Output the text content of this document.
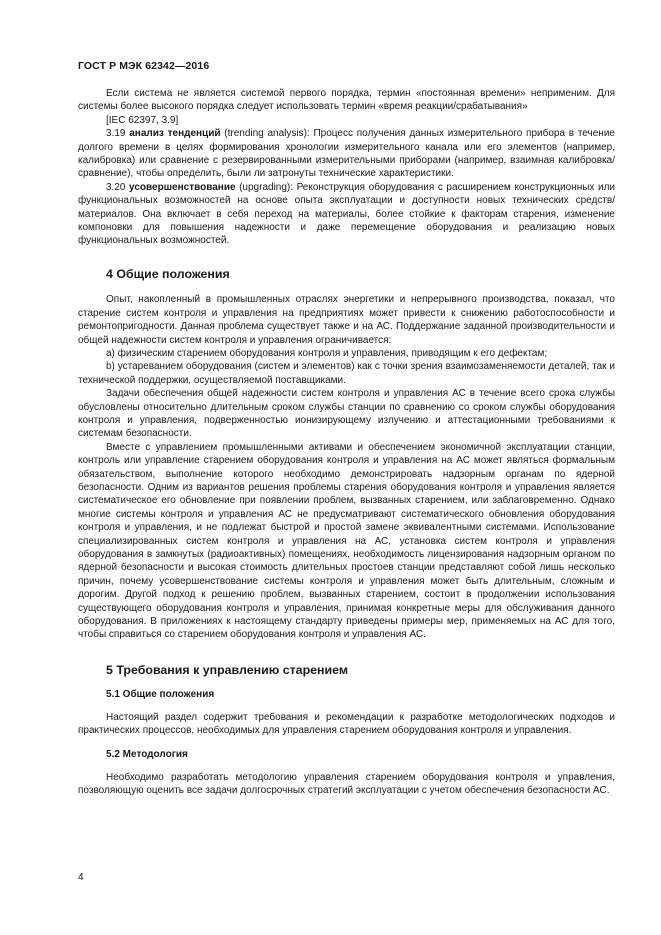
ГОСТ Р МЭК 62342—2016

Если система не является системой первого порядка, термин «постоянная времени» неприменим. Для системы более высокого порядка следует использовать термин «время реакции/срабатывания»

[IEC 62397, 3.9]

3.19 анализ тенденций (trending analysis): Процесс получения данных измерительного прибора в течение долгого времени в целях формирования хронологии измерительного канала или его элементов (например, калибровка) или сравнение с резервированными измерительными приборами (например, взаимная калибровка/сравнение), чтобы определить, были ли затронуты технические характеристики.

3.20 усовершенствование (upgrading): Реконструкция оборудования с расширением конструкционных или функциональных возможностей на основе опыта эксплуатации и доступности новых технических средств/материалов. Она включает в себя переход на материалы, более стойкие к факторам старения, изменение компоновки для повышения надежности и даже перемещение оборудования и реализацию новых функциональных возможностей.

4 Общие положения

Опыт, накопленный в промышленных отраслях энергетики и непрерывного производства, показал, что старение систем контроля и управления на предприятиях может привести к снижению работоспособности и ремонтопригодности. Данная проблема существует также и на АС. Поддержание заданной производительности и общей надежности систем контроля и управления ограничивается:

a) физическим старением оборудования контроля и управления, приводящим к его дефектам;

b) устареванием оборудования (систем и элементов) как с точки зрения взаимозаменяемости деталей, так и технической поддержки, осуществляемой поставщиками.

Задачи обеспечения общей надежности систем контроля и управления АС в течение всего срока службы обусловлены относительно длительным сроком службы станции по сравнению со сроком службы оборудования контроля и управления, подверженностью ионизирующему излучению и аттестационными требованиями к системам безопасности.

Вместе с управлением промышленными активами и обеспечением экономичной эксплуатации станции, контроль или управление старением оборудования контроля и управления на АС может являться формальным обязательством, выполнение которого необходимо демонстрировать надзорным органам по ядерной безопасности. Одним из вариантов решения проблемы старения оборудования контроля и управления является систематическое его обновление при появлении проблем, вызванных старением, или заблаговременно. Однако многие системы контроля и управления АС не предусматривают систематического обновления оборудования контроля и управления, и не подлежат быстрой и простой замене эквивалентными системами. Использование специализированных систем контроля и управления на АС, установка систем контроля и управления оборудования в замкнутых (радиоактивных) помещениях, необходимость лицензирования надзорным органом по ядерной безопасности и высокая стоимость длительных простоев станции представляют собой лишь несколько причин, почему усовершенствование системы контроля и управления может быть длительным, сложным и дорогим. Другой подход к решению проблем, вызванных старением, состоит в продолжении использования существующего оборудования контроля и управления, принимая конкретные меры для обслуживания данного оборудования. В приложениях к настоящему стандарту приведены примеры мер, применяемых на АС для того, чтобы справиться со старением оборудования контроля и управления АС.

5 Требования к управлению старением

5.1 Общие положения

Настоящий раздел содержит требования и рекомендации к разработке методологических подходов и практических процессов, необходимых для управления старением оборудования контроля и управления.

5.2 Методология

Необходимо разработать методологию управления старением оборудования контроля и управления, позволяющую оценить все задачи долгосрочных стратегий эксплуатации с учетом обеспечения безопасности АС.

4
